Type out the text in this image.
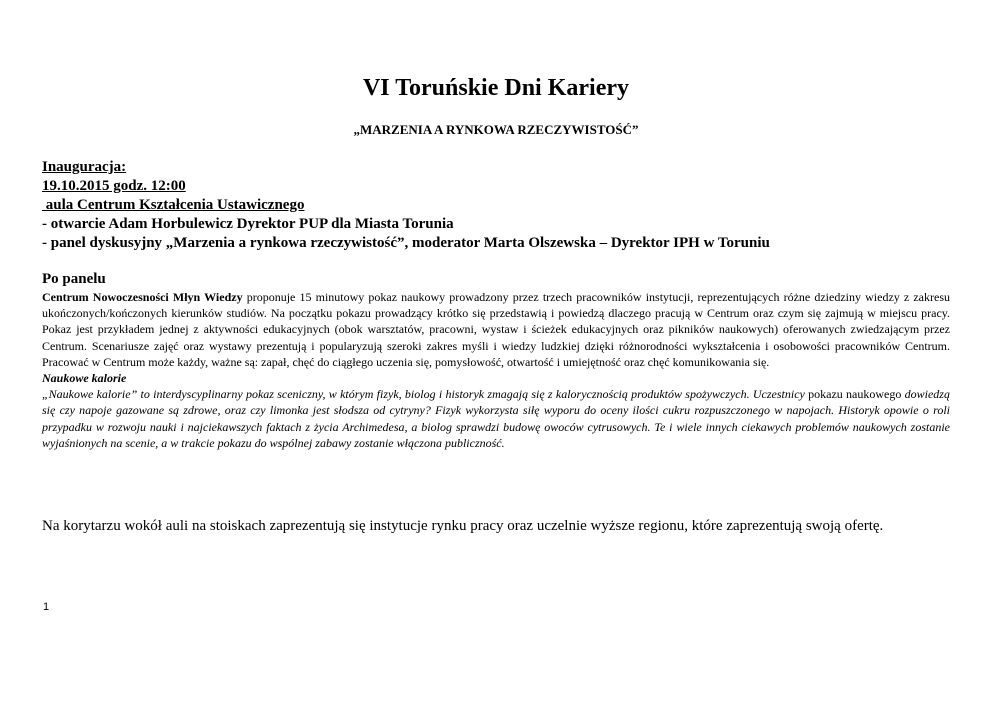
VI Toruńskie Dni Kariery
„MARZENIA A RYNKOWA RZECZYWISTOŚĆ”
Inauguracja:
19.10.2015 godz. 12:00
aula Centrum Kształcenia Ustawicznego
- otwarcie Adam Horbulewicz Dyrektor PUP dla Miasta Torunia
- panel dyskusyjny „Marzenia a rynkowa rzeczywistość”, moderator Marta Olszewska – Dyrektor IPH w Toruniu
Po panelu

Centrum Nowoczesności Młyn Wiedzy proponuje 15 minutowy pokaz naukowy prowadzony przez trzech pracowników instytucji, reprezentujących różne dziedziny wiedzy z zakresu ukończonych/kończonych kierunków studiów. Na początku pokazu prowadzący krótko się przedstawią i powiedzą dlaczego pracują w Centrum oraz czym się zajmują w miejscu pracy. Pokaz jest przykładem jednej z aktywności edukacyjnych (obok warsztatów, pracowni, wystaw i ścieżek edukacyjnych oraz pikników naukowych) oferowanych zwiedzającym przez Centrum. Scenariusze zajęć oraz wystawy prezentują i popularyzują szeroki zakres myśli i wiedzy ludzkiej dzięki różnorodności wykształcenia i osobowości pracowników Centrum. Pracować w Centrum może każdy, ważne są: zapał, chęć do ciągłego uczenia się, pomysłowość, otwartość i umiejętność oraz chęć komunikowania się.

Naukowe kalorie

„Naukowe kalorie” to interdyscyplinarny pokaz sceniczny, w którym fizyk, biolog i historyk zmagają się z kalorycznością produktów spożywczych. Uczestnicy pokazu naukowego dowiedzą się czy napoje gazowane są zdrowe, oraz czy limonka jest słodsza od cytryny? Fizyk wykorzysta siłę wyporu do oceny ilości cukru rozpuszczonego w napojach. Historyk opowie o roli przypadku w rozwoju nauki i najciekawszych faktach z życia Archimedesa, a biolog sprawdzi budowę owoców cytrusowych. Te i wiele innych ciekawych problemów naukowych zostanie wyjaśnionych na scenie, a w trakcie pokazu do wspólnej zabawy zostanie włączona publiczność.

Na korytarzu wokół auli na stoiskach zaprezentują się instytucje rynku pracy oraz uczelnie wyższe regionu, które zaprezentują swoją ofertę.
1
